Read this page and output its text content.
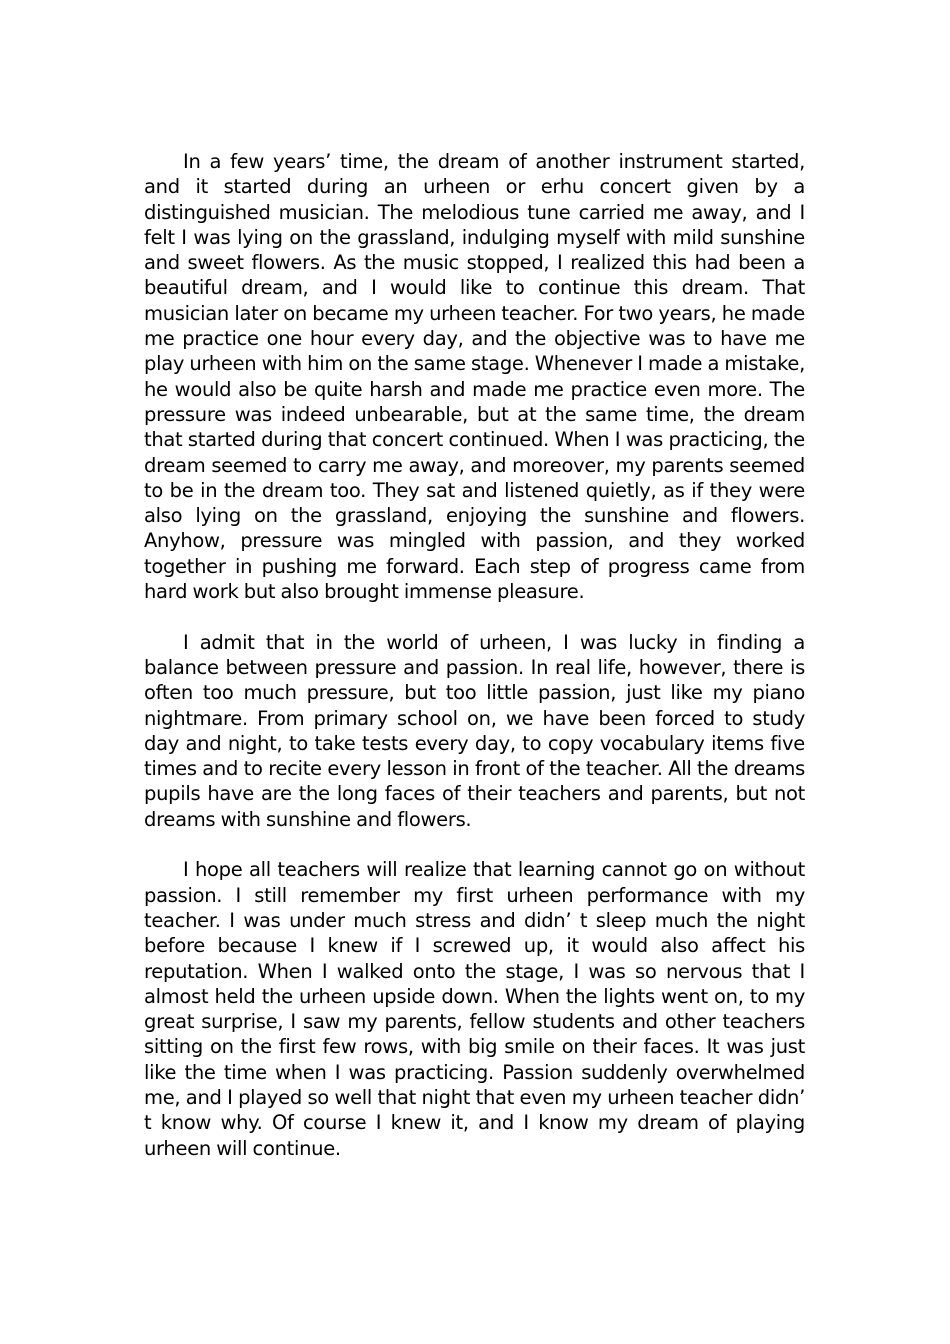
In a few years’ time, the dream of another instrument started, and it started during an urheen or erhu concert given by a distinguished musician. The melodious tune carried me away, and I felt I was lying on the grassland, indulging myself with mild sunshine and sweet flowers. As the music stopped, I realized this had been a beautiful dream, and I would like to continue this dream. That musician later on became my urheen teacher. For two years, he made me practice one hour every day, and the objective was to have me play urheen with him on the same stage. Whenever I made a mistake, he would also be quite harsh and made me practice even more. The pressure was indeed unbearable, but at the same time, the dream that started during that concert continued. When I was practicing, the dream seemed to carry me away, and moreover, my parents seemed to be in the dream too. They sat and listened quietly, as if they were also lying on the grassland, enjoying the sunshine and flowers. Anyhow, pressure was mingled with passion, and they worked together in pushing me forward. Each step of progress came from hard work but also brought immense pleasure.

I admit that in the world of urheen, I was lucky in finding a balance between pressure and passion. In real life, however, there is often too much pressure, but too little passion, just like my piano nightmare. From primary school on, we have been forced to study day and night, to take tests every day, to copy vocabulary items five times and to recite every lesson in front of the teacher. All the dreams pupils have are the long faces of their teachers and parents, but not dreams with sunshine and flowers.

I hope all teachers will realize that learning cannot go on without passion. I still remember my first urheen performance with my teacher. I was under much stress and didn’ t sleep much the night before because I knew if I screwed up, it would also affect his reputation. When I walked onto the stage, I was so nervous that I almost held the urheen upside down. When the lights went on, to my great surprise, I saw my parents, fellow students and other teachers sitting on the first few rows, with big smile on their faces. It was just like the time when I was practicing. Passion suddenly overwhelmed me, and I played so well that night that even my urheen teacher didn’ t know why. Of course I knew it, and I know my dream of playing urheen will continue.
